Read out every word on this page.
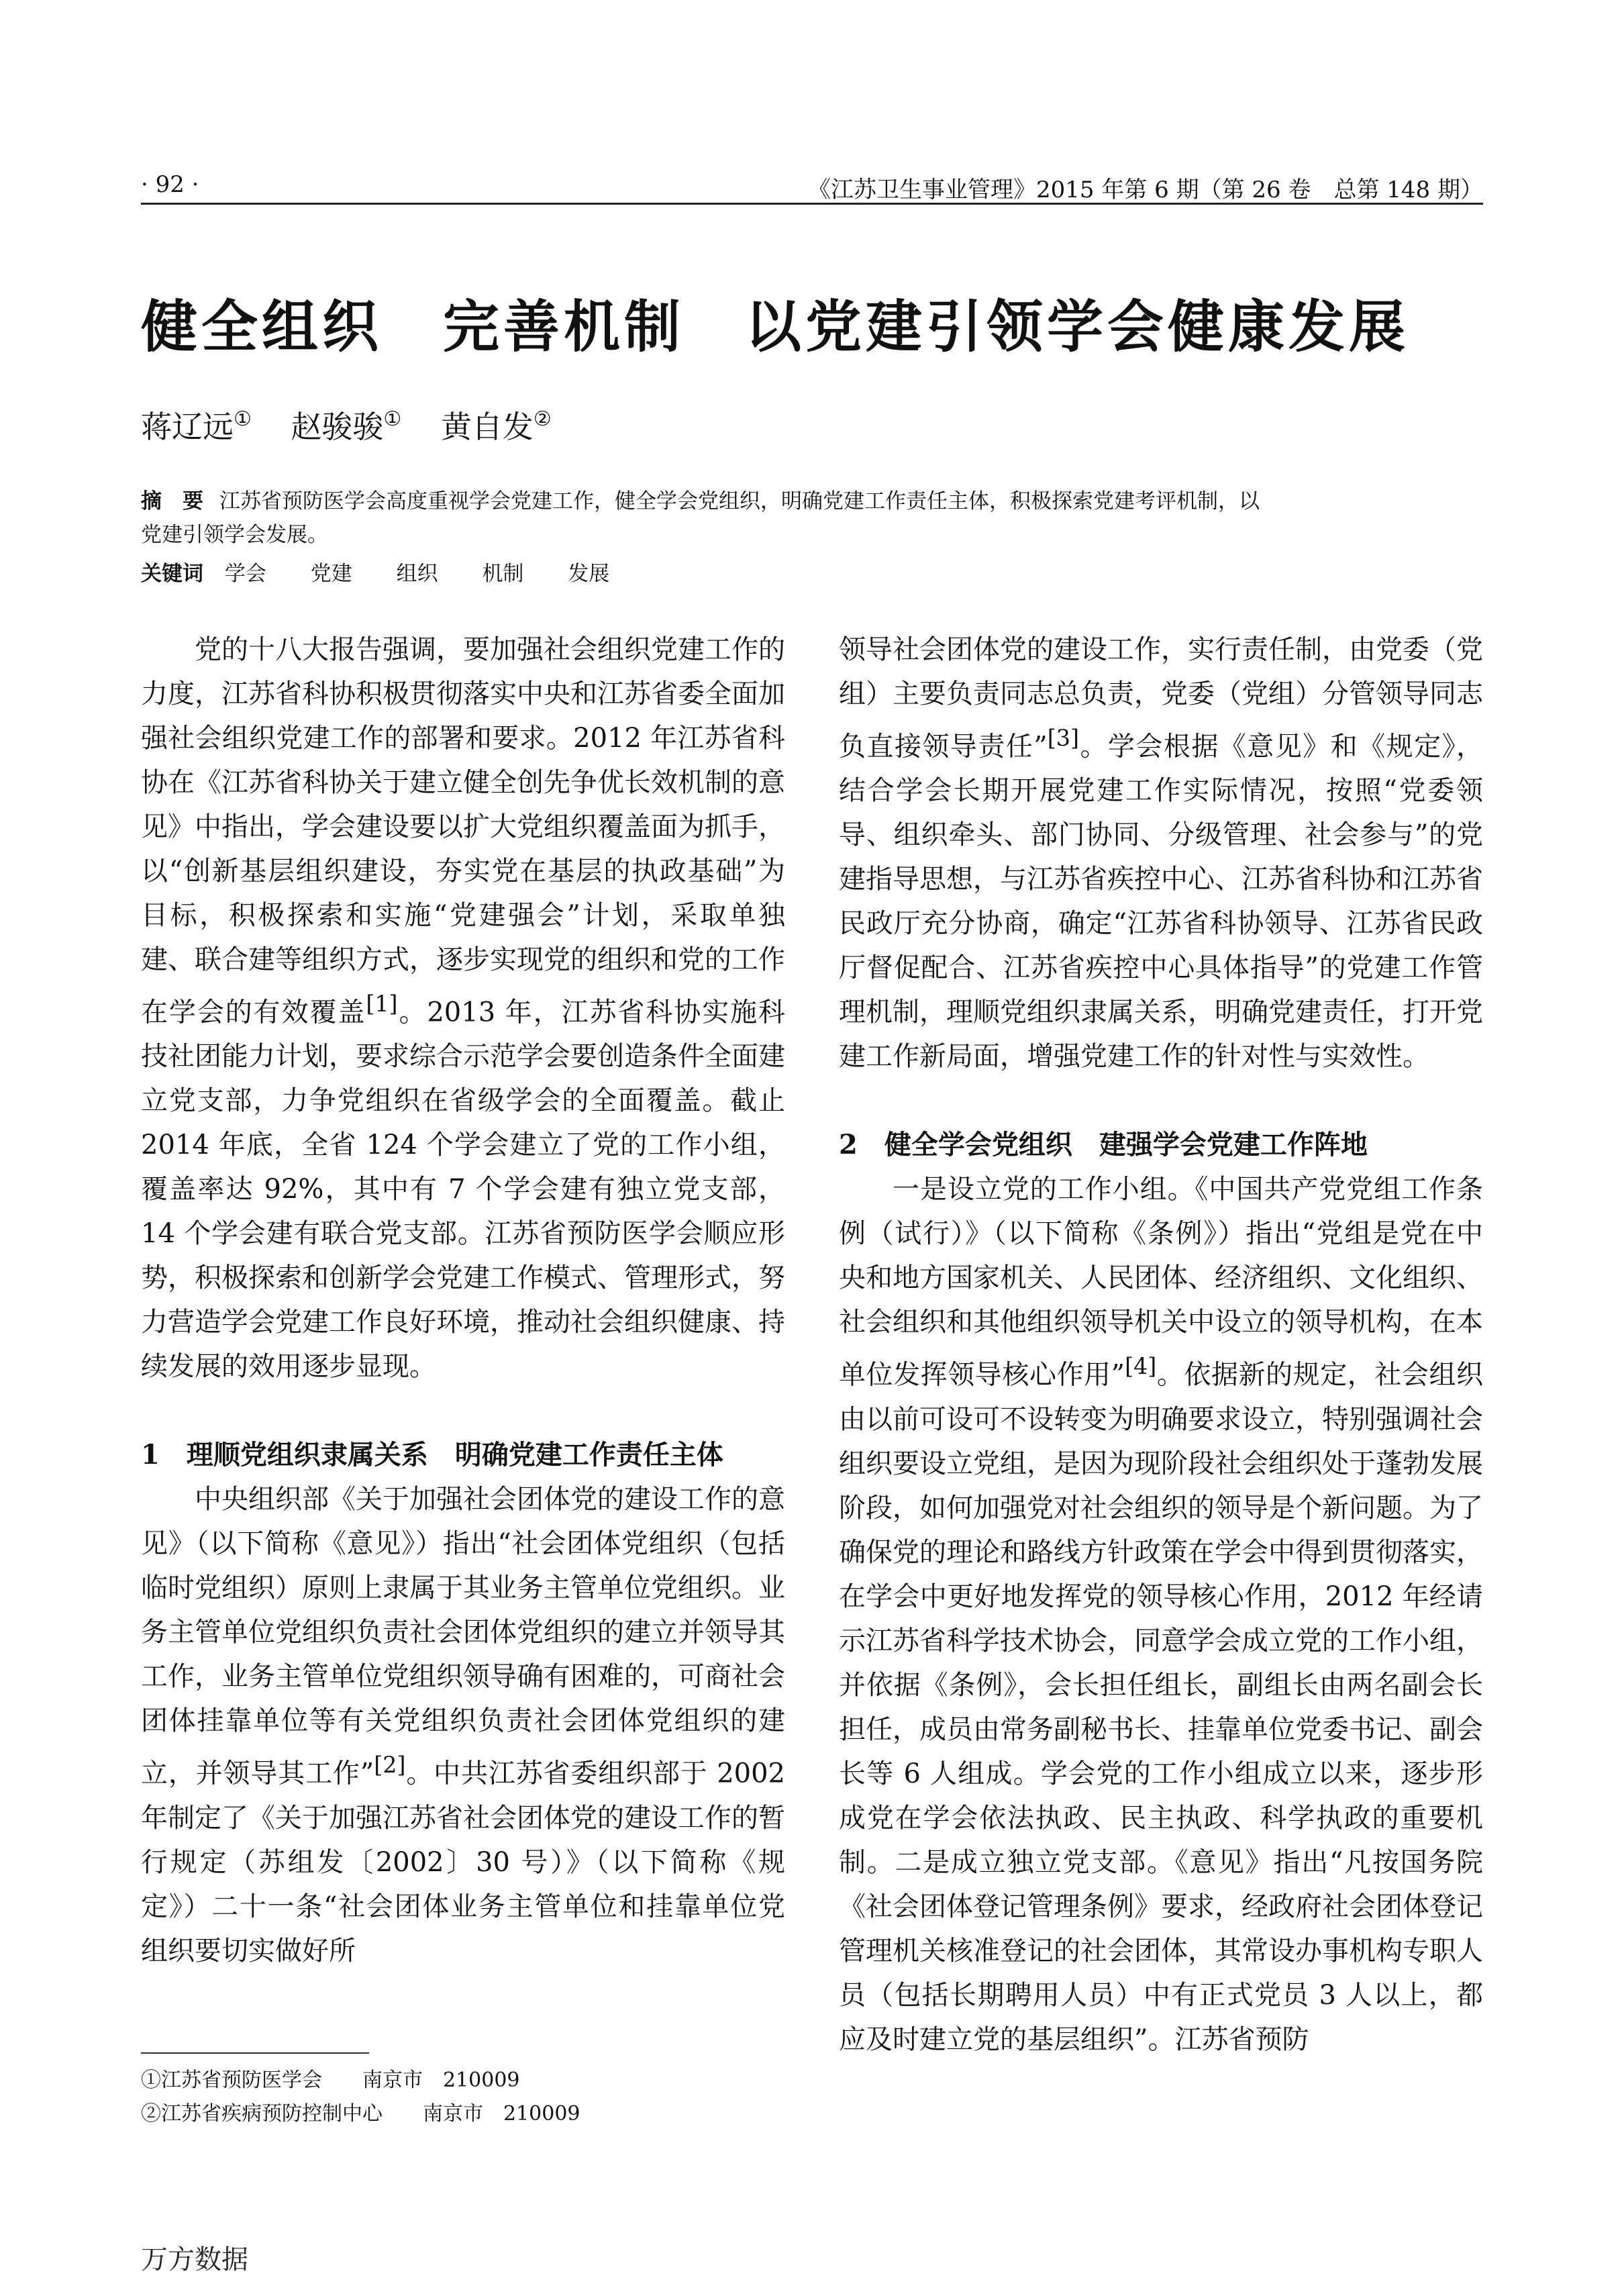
· 92 ·	《江苏卫生事业管理》2015 年第 6 期（第 26 卷　总第 148 期）
健全组织　完善机制　以党建引领学会健康发展
蒋辽远① 赵骏骏① 黄自发②
摘　要 江苏省预防医学会高度重视学会党建工作，健全学会党组织，明确党建工作责任主体，积极探索党建考评机制，以党建引领学会发展。
关键词 学会 党建 组织 机制 发展

党的十八大报告强调，要加强社会组织党建工作的力度，江苏省科协积极贯彻落实中央和江苏省委全面加强社会组织党建工作的部署和要求。2012 年江苏省科协在《江苏省科协关于建立健全创先争优长效机制的意见》中指出，学会建设要以扩大党组织覆盖面为抓手，以“创新基层组织建设，夯实党在基层的执政基础”为目标，积极探索和实施“党建强会”计划，采取单独建、联合建等组织方式，逐步实现党的组织和党的工作在学会的有效覆盖[1]。2013 年，江苏省科协实施科技社团能力计划，要求综合示范学会要创造条件全面建立党支部，力争党组织在省级学会的全面覆盖。截止 2014 年底，全省 124 个学会建立了党的工作小组，覆盖率达 92%，其中有 7 个学会建有独立党支部，14 个学会建有联合党支部。江苏省预防医学会顺应形势，积极探索和创新学会党建工作模式、管理形式，努力营造学会党建工作良好环境，推动社会组织健康、持续发展的效用逐步显现。

1 理顺党组织隶属关系　明确党建工作责任主体

中央组织部《关于加强社会团体党的建设工作的意见》（以下简称《意见》）指出“社会团体党组织（包括临时党组织）原则上隶属于其业务主管单位党组织。业务主管单位党组织负责社会团体党组织的建立并领导其工作，业务主管单位党组织领导确有困难的，可商社会团体挂靠单位等有关党组织负责社会团体党组织的建立，并领导其工作”[2]。中共江苏省委组织部于 2002 年制定了《关于加强江苏省社会团体党的建设工作的暂行规定（苏组发〔2002〕30 号）》（以下简称《规定》）二十一条“社会团体业务主管单位和挂靠单位党组织要切实做好所

领导社会团体党的建设工作，实行责任制，由党委（党组）主要负责同志总负责，党委（党组）分管领导同志负直接领导责任”[3]。学会根据《意见》和《规定》，结合学会长期开展党建工作实际情况，按照“党委领导、组织牵头、部门协同、分级管理、社会参与”的党建指导思想，与江苏省疾控中心、江苏省科协和江苏省民政厅充分协商，确定“江苏省科协领导、江苏省民政厅督促配合、江苏省疾控中心具体指导”的党建工作管理机制，理顺党组织隶属关系，明确党建责任，打开党建工作新局面，增强党建工作的针对性与实效性。

2 健全学会党组织　建强学会党建工作阵地

一是设立党的工作小组。《中国共产党党组工作条例（试行）》（以下简称《条例》）指出“党组是党在中央和地方国家机关、人民团体、经济组织、文化组织、社会组织和其他组织领导机关中设立的领导机构，在本单位发挥领导核心作用”[4]。依据新的规定，社会组织由以前可设可不设转变为明确要求设立，特别强调社会组织要设立党组，是因为现阶段社会组织处于蓬勃发展阶段，如何加强党对社会组织的领导是个新问题。为了确保党的理论和路线方针政策在学会中得到贯彻落实，在学会中更好地发挥党的领导核心作用，2012 年经请示江苏省科学技术协会，同意学会成立党的工作小组，并依据《条例》，会长担任组长，副组长由两名副会长担任，成员由常务副秘书长、挂靠单位党委书记、副会长等 6 人组成。学会党的工作小组成立以来，逐步形成党在学会依法执政、民主执政、科学执政的重要机制。二是成立独立党支部。《意见》指出“凡按国务院《社会团体登记管理条例》要求，经政府社会团体登记管理机关核准登记的社会团体，其常设办事机构专职人员（包括长期聘用人员）中有正式党员 3 人以上，都应及时建立党的基层组织”。江苏省预防

①江苏省预防医学会　　南京市　210009
②江苏省疾病预防控制中心　　南京市　210009
万方数据
